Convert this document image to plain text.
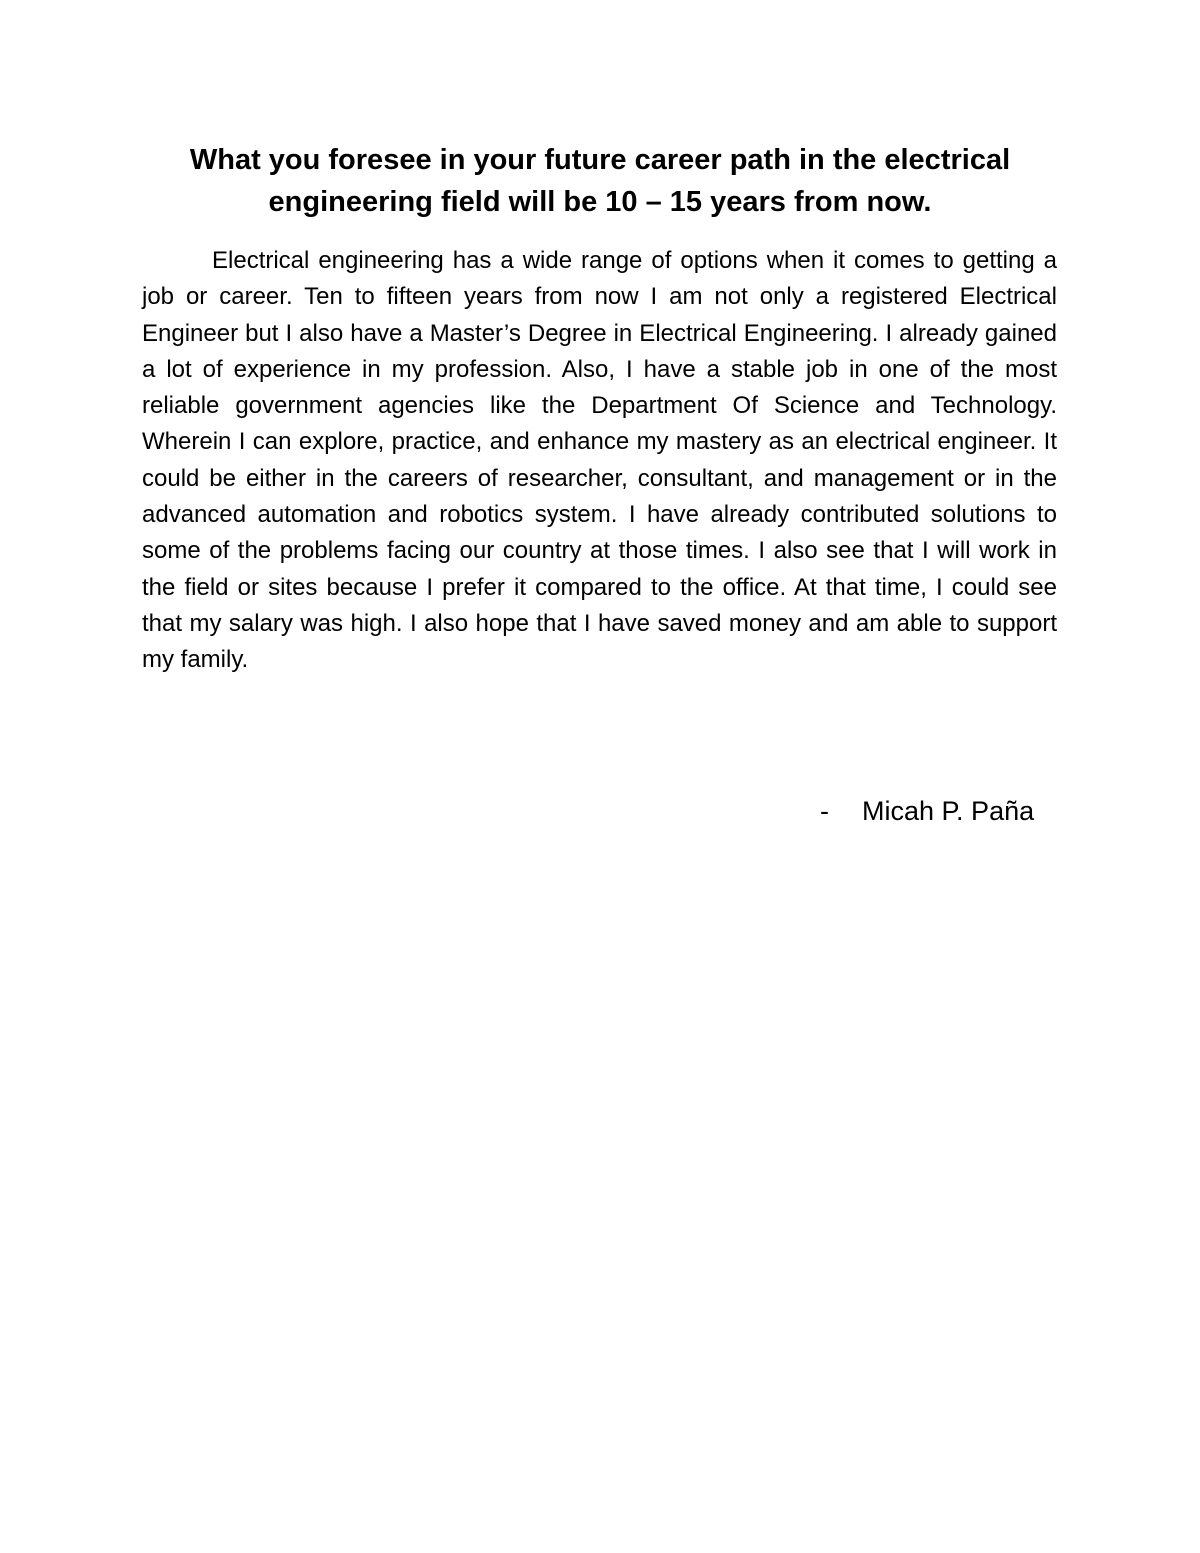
What you foresee in your future career path in the electrical engineering field will be 10 – 15 years from now.

Electrical engineering has a wide range of options when it comes to getting a job or career. Ten to fifteen years from now I am not only a registered Electrical Engineer but I also have a Master’s Degree in Electrical Engineering. I already gained a lot of experience in my profession. Also, I have a stable job in one of the most reliable government agencies like the Department Of Science and Technology. Wherein I can explore, practice, and enhance my mastery as an electrical engineer. It could be either in the careers of researcher, consultant, and management or in the advanced automation and robotics system. I have already contributed solutions to some of the problems facing our country at those times. I also see that I will work in the field or sites because I prefer it compared to the office. At that time, I could see that my salary was high. I also hope that I have saved money and am able to support my family.

- Micah P. Paña
